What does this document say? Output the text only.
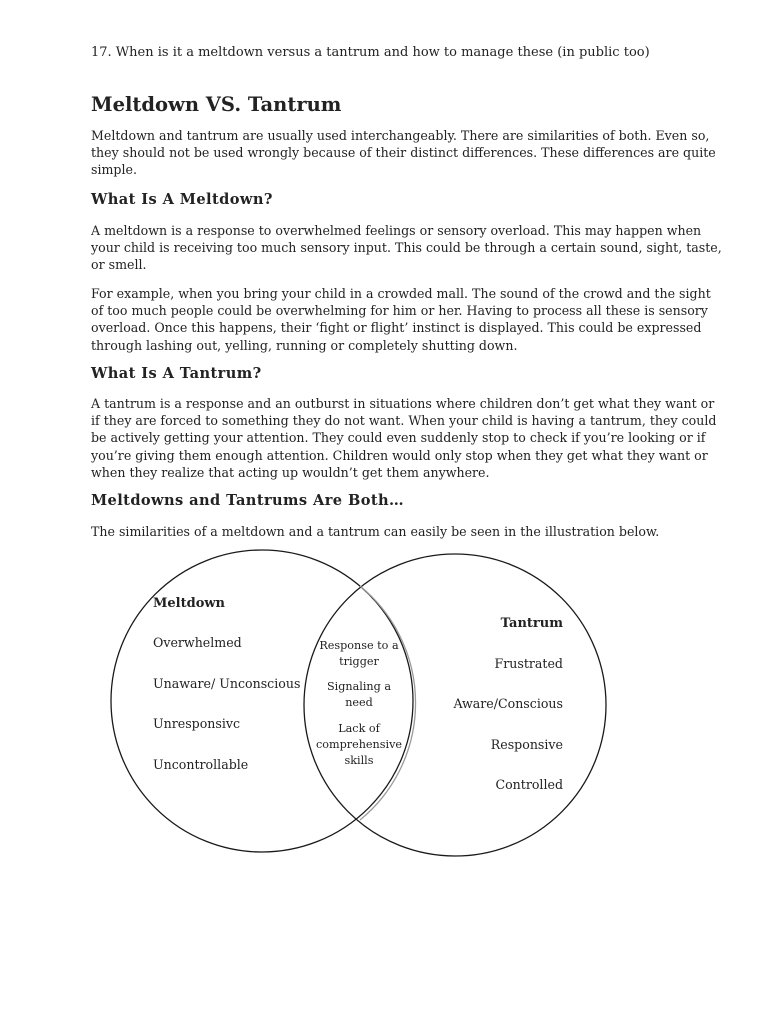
17. When is it a meltdown versus a tantrum and how to manage these (in public too)
Meltdown VS. Tantrum

Meltdown and tantrum are usually used interchangeably. There are similarities of both. Even so,
they should not be used wrongly because of their distinct differences. These differences are quite
simple.

What Is A Meltdown?

A meltdown is a response to overwhelmed feelings or sensory overload. This may happen when
your child is receiving too much sensory input. This could be through a certain sound, sight, taste,
or smell.

For example, when you bring your child in a crowded mall. The sound of the crowd and the sight
of too much people could be overwhelming for him or her. Having to process all these is sensory
overload. Once this happens, their ‘fight or flight’ instinct is displayed. This could be expressed
through lashing out, yelling, running or completely shutting down.

What Is A Tantrum?

A tantrum is a response and an outburst in situations where children don’t get what they want or
if they are forced to something they do not want. When your child is having a tantrum, they could
be actively getting your attention. They could even suddenly stop to check if you’re looking or if
you’re giving them enough attention. Children would only stop when they get what they want or
when they realize that acting up wouldn’t get them anywhere.

Meltdowns and Tantrums Are Both…

The similarities of a meltdown and a tantrum can easily be seen in the illustration below.

Meltdown
Overwhelmed
Unaware/ Unconscious
Unresponsivc
Uncontrollable
Tantrum
Frustrated
Aware/Conscious
Responsive
Controlled
Response to a
trigger
Signaling a
need
Lack of
comprehensive
skills
